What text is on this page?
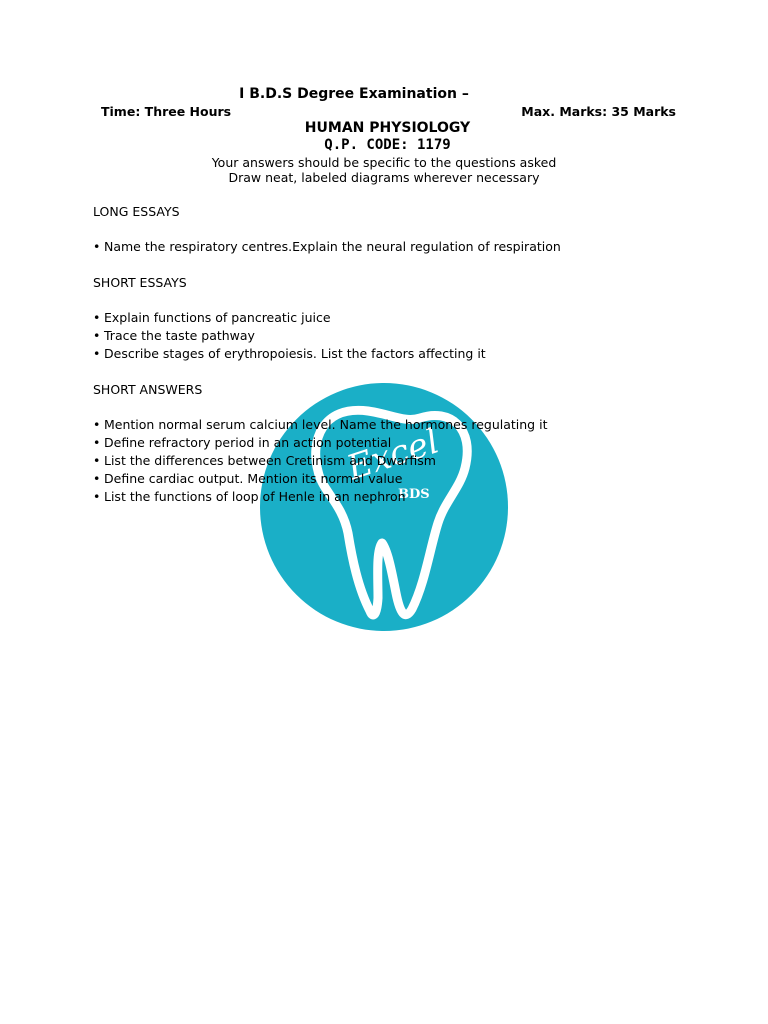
Excel
BDS

I B.D.S Degree Examination –

Time: Three Hours	Max. Marks: 35 Marks

HUMAN PHYSIOLOGY

Q.P. CODE: 1179

Your answers should be specific to the questions asked

Draw neat, labeled diagrams wherever necessary

LONG ESSAYS

• Name the respiratory centres.Explain the neural regulation of respiration

SHORT ESSAYS

• Explain functions of pancreatic juice
• Trace the taste pathway
• Describe stages of erythropoiesis. List the factors affecting it

SHORT ANSWERS

• Mention normal serum calcium level. Name the hormones regulating it
• Define refractory period in an action potential
• List the differences between Cretinism and Dwarfism
• Define cardiac output. Mention its normal value
• List the functions of loop of Henle in an nephron
